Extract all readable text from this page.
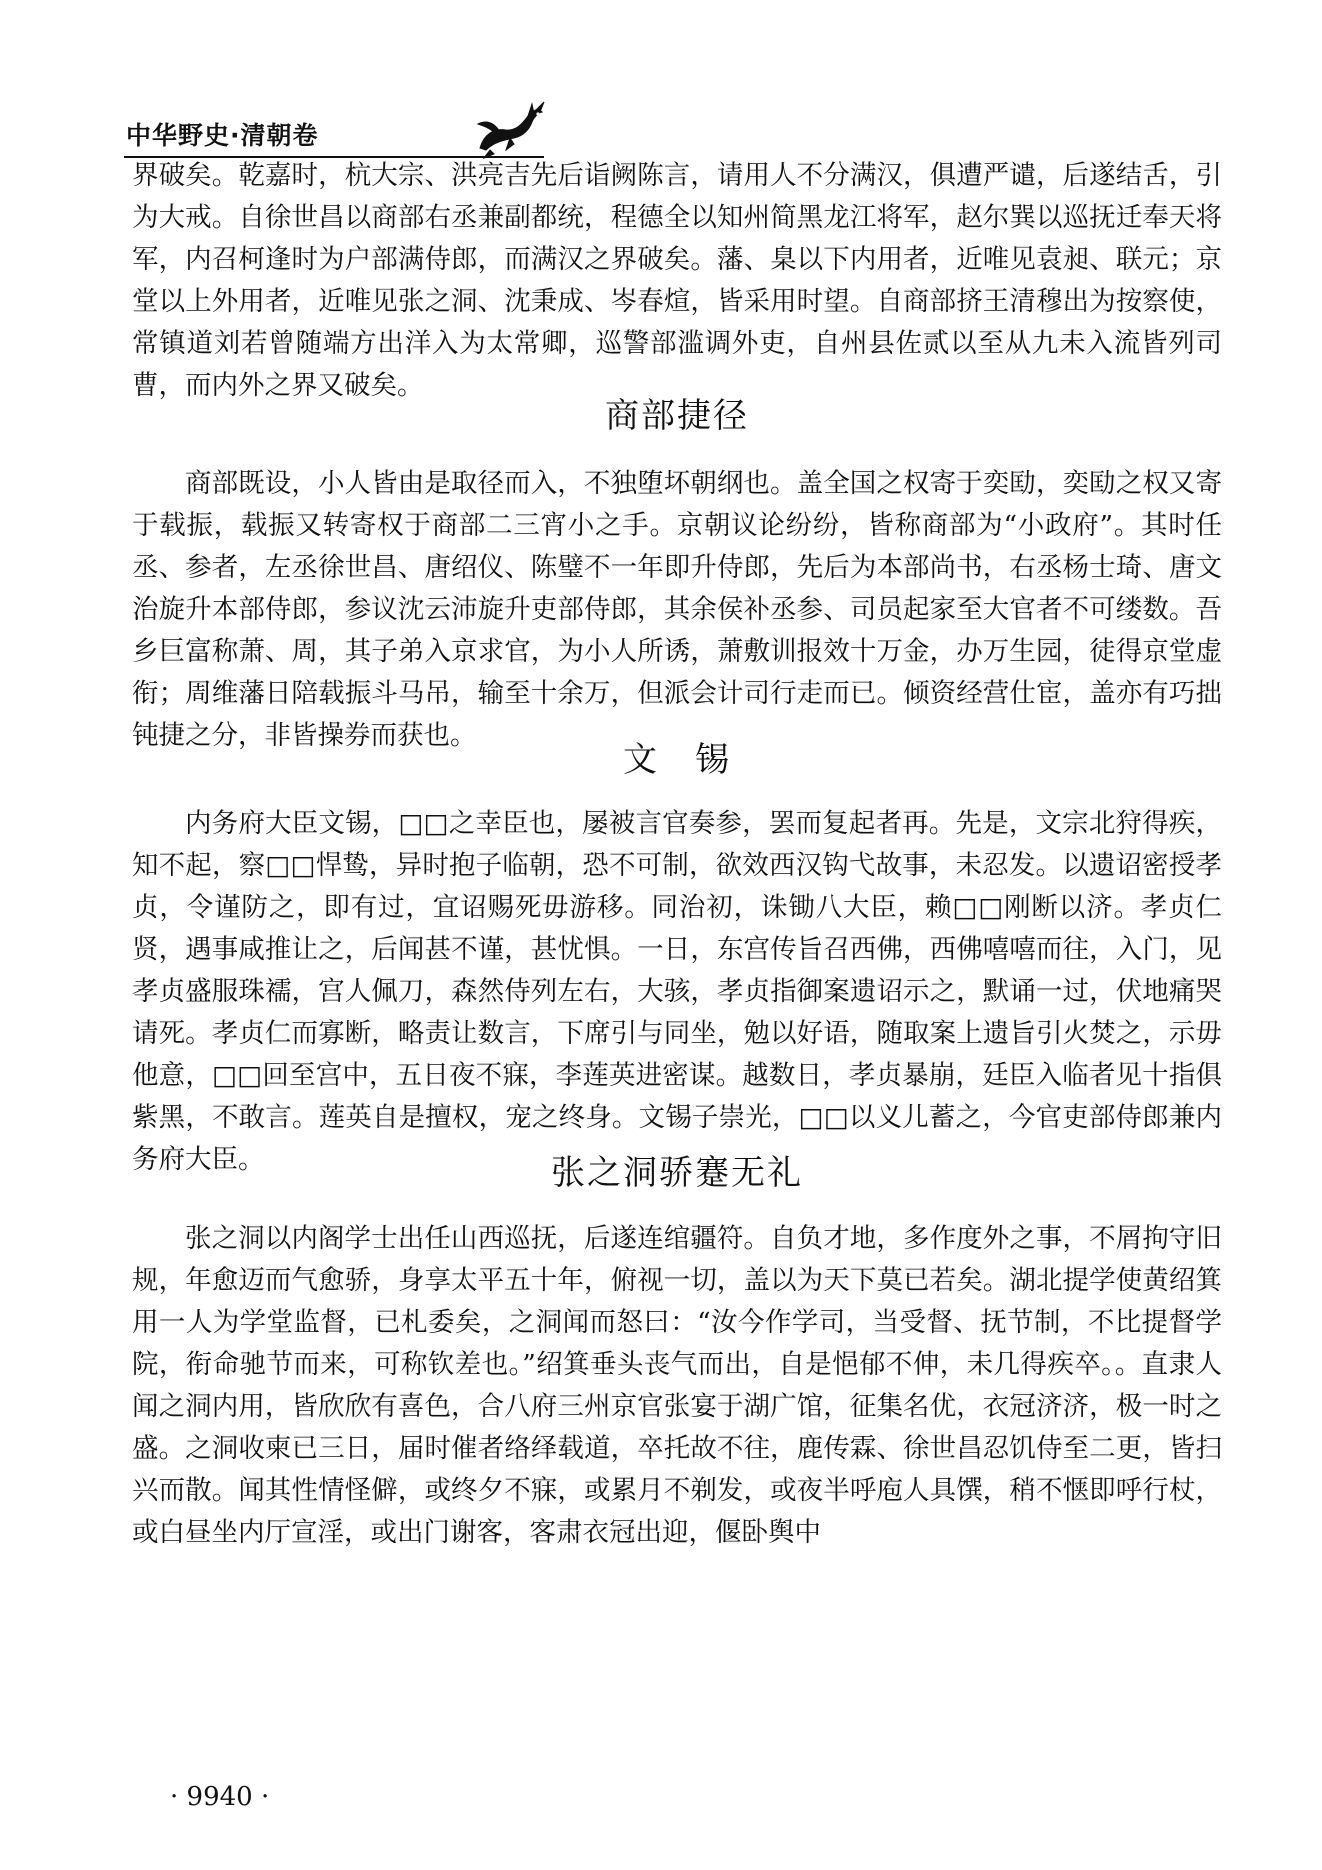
中华野史·清朝卷

界破矣。乾嘉时，杭大宗、洪亮吉先后诣阙陈言，请用人不分满汉，俱遭严谴，后遂结舌，引为大戒。自徐世昌以商部右丞兼副都统，程德全以知州简黑龙江将军，赵尔巽以巡抚迁奉天将军，内召柯逢时为户部满侍郎，而满汉之界破矣。藩、臬以下内用者，近唯见袁昶、联元；京堂以上外用者，近唯见张之洞、沈秉成、岑春煊，皆采用时望。自商部挤王清穆出为按察使，常镇道刘若曾随端方出洋入为太常卿，巡警部滥调外吏，自州县佐贰以至从九未入流皆列司曹，而内外之界又破矣。

商部捷径

商部既设，小人皆由是取径而入，不独堕坏朝纲也。盖全国之权寄于奕劻，奕劻之权又寄于载振，载振又转寄权于商部二三宵小之手。京朝议论纷纷，皆称商部为“小政府”。其时任丞、参者，左丞徐世昌、唐绍仪、陈璧不一年即升侍郎，先后为本部尚书，右丞杨士琦、唐文治旋升本部侍郎，参议沈云沛旋升吏部侍郎，其余侯补丞参、司员起家至大官者不可缕数。吾乡巨富称萧、周，其子弟入京求官，为小人所诱，萧敷训报效十万金，办万生园，徒得京堂虚衔；周维藩日陪载振斗马吊，输至十余万，但派会计司行走而已。倾资经营仕宦，盖亦有巧拙钝捷之分，非皆操券而获也。

文　锡

内务府大臣文锡，□□之幸臣也，屡被言官奏参，罢而复起者再。先是，文宗北狩得疾，知不起，察□□悍鸷，异时抱子临朝，恐不可制，欲效西汉钩弋故事，未忍发。以遗诏密授孝贞，令谨防之，即有过，宜诏赐死毋游移。同治初，诛锄八大臣，赖□□刚断以济。孝贞仁贤，遇事咸推让之，后闻甚不谨，甚忧惧。一日，东宫传旨召西佛，西佛嘻嘻而往，入门，见孝贞盛服珠襦，宫人佩刀，森然侍列左右，大骇，孝贞指御案遗诏示之，默诵一过，伏地痛哭请死。孝贞仁而寡断，略责让数言，下席引与同坐，勉以好语，随取案上遗旨引火焚之，示毋他意，□□回至宫中，五日夜不寐，李莲英进密谋。越数日，孝贞暴崩，廷臣入临者见十指俱紫黑，不敢言。莲英自是擅权，宠之终身。文锡子崇光，□□以义儿蓄之，今官吏部侍郎兼内务府大臣。	张之洞骄蹇无礼

张之洞以内阁学士出任山西巡抚，后遂连绾疆符。自负才地，多作度外之事，不屑拘守旧规，年愈迈而气愈骄，身享太平五十年，俯视一切，盖以为天下莫已若矣。湖北提学使黄绍箕用一人为学堂监督，已札委矣，之洞闻而怒曰：“汝今作学司，当受督、抚节制，不比提督学院，衔命驰节而来，可称钦差也。”绍箕垂头丧气而出，自是悒郁不伸，未几得疾卒。。直隶人闻之洞内用，皆欣欣有喜色，合八府三州京官张宴于湖广馆，征集名优，衣冠济济，极一时之盛。之洞收柬已三日，届时催者络绎载道，卒托故不往，鹿传霖、徐世昌忍饥侍至二更，皆扫兴而散。闻其性情怪僻，或终夕不寐，或累月不剃发，或夜半呼庖人具馔，稍不惬即呼行杖，或白昼坐内厅宣淫，或出门谢客，客肃衣冠出迎，偃卧舆中

· 9940 ·
